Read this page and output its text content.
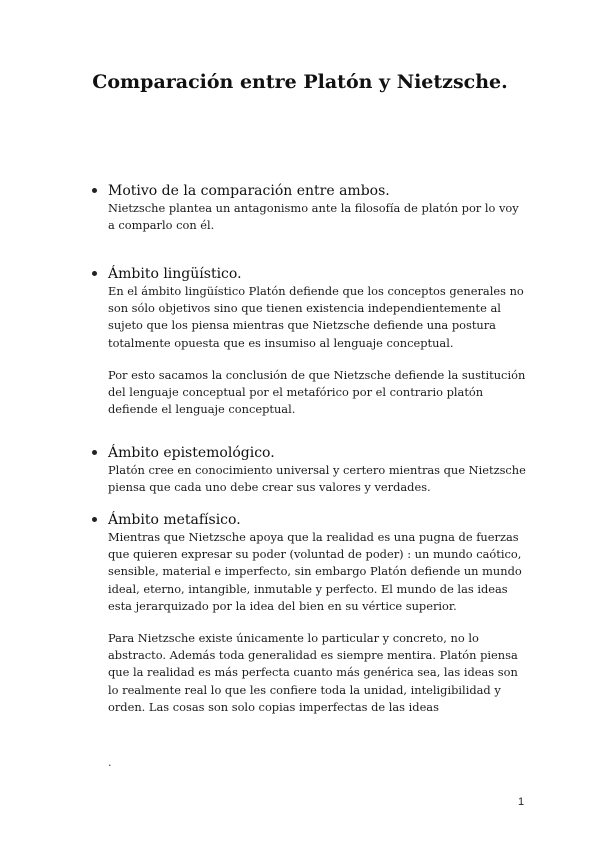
Comparación entre Platón y Nietzsche.
Motivo de la comparación entre ambos.

Nietzsche plantea un antagonismo ante la filosofía de platón por lo voy a comparlo con él.

Ámbito lingüístico.

En el ámbito lingüístico Platón defiende que los conceptos generales no son sólo objetivos sino que tienen existencia independientemente al sujeto que los piensa mientras que Nietzsche defiende una postura totalmente opuesta que es insumiso al lenguaje conceptual.

Por esto sacamos la conclusión de que Nietzsche defiende la sustitución del lenguaje conceptual por el metafórico por el contrario platón defiende el lenguaje conceptual.

Ámbito epistemológico.

Platón cree en conocimiento universal y certero mientras que Nietzsche piensa que cada uno debe crear sus valores y verdades.

Ámbito metafísico.

Mientras que Nietzsche apoya que la realidad es una pugna de fuerzas que quieren expresar su poder (voluntad de poder) : un mundo caótico, sensible, material e imperfecto, sin embargo Platón defiende un mundo ideal, eterno, intangible, inmutable y perfecto. El mundo de las ideas esta jerarquizado por la idea del bien en su vértice superior.

Para Nietzsche existe únicamente lo particular y concreto, no lo abstracto. Además toda generalidad es siempre mentira. Platón piensa que la realidad es más perfecta cuanto más genérica sea, las ideas son lo realmente real lo que les confiere toda la unidad, inteligibilidad y orden. Las cosas son solo copias imperfectas de las ideas

.
1
